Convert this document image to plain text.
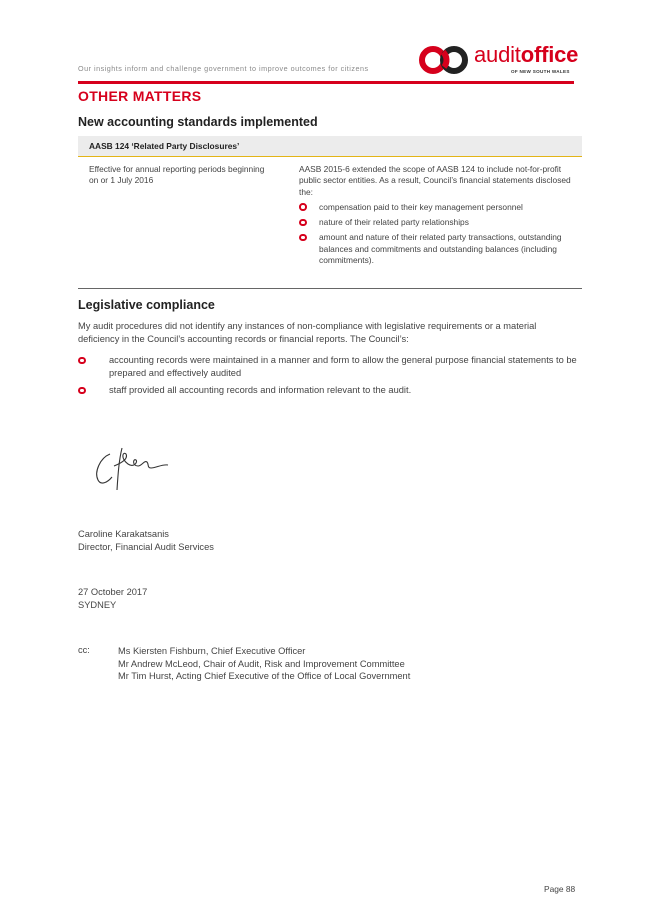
Our insights inform and challenge government to improve outcomes for citizens
auditoffice
OF NEW SOUTH WALES
OTHER MATTERS
New accounting standards implemented
AASB 124 ‘Related Party Disclosures’
Effective for annual reporting periods beginning on or 1 July 2016
AASB 2015-6 extended the scope of AASB 124 to include not-for-profit public sector entities. As a result, Council’s financial statements disclosed the:
compensation paid to their key management personnel
nature of their related party relationships
amount and nature of their related party transactions, outstanding balances and commitments and outstanding balances (including commitments).
Legislative compliance
My audit procedures did not identify any instances of non-compliance with legislative requirements or a material deficiency in the Council’s accounting records or financial reports. The Council’s:
accounting records were maintained in a manner and form to allow the general purpose financial statements to be prepared and effectively audited
staff provided all accounting records and information relevant to the audit.
Caroline Karakatsanis
Director, Financial Audit Services
27 October 2017
SYDNEY
cc:	Ms Kiersten Fishburn, Chief Executive Officer
Mr Andrew McLeod, Chair of Audit, Risk and Improvement Committee
Mr Tim Hurst, Acting Chief Executive of the Office of Local Government
Page 88
